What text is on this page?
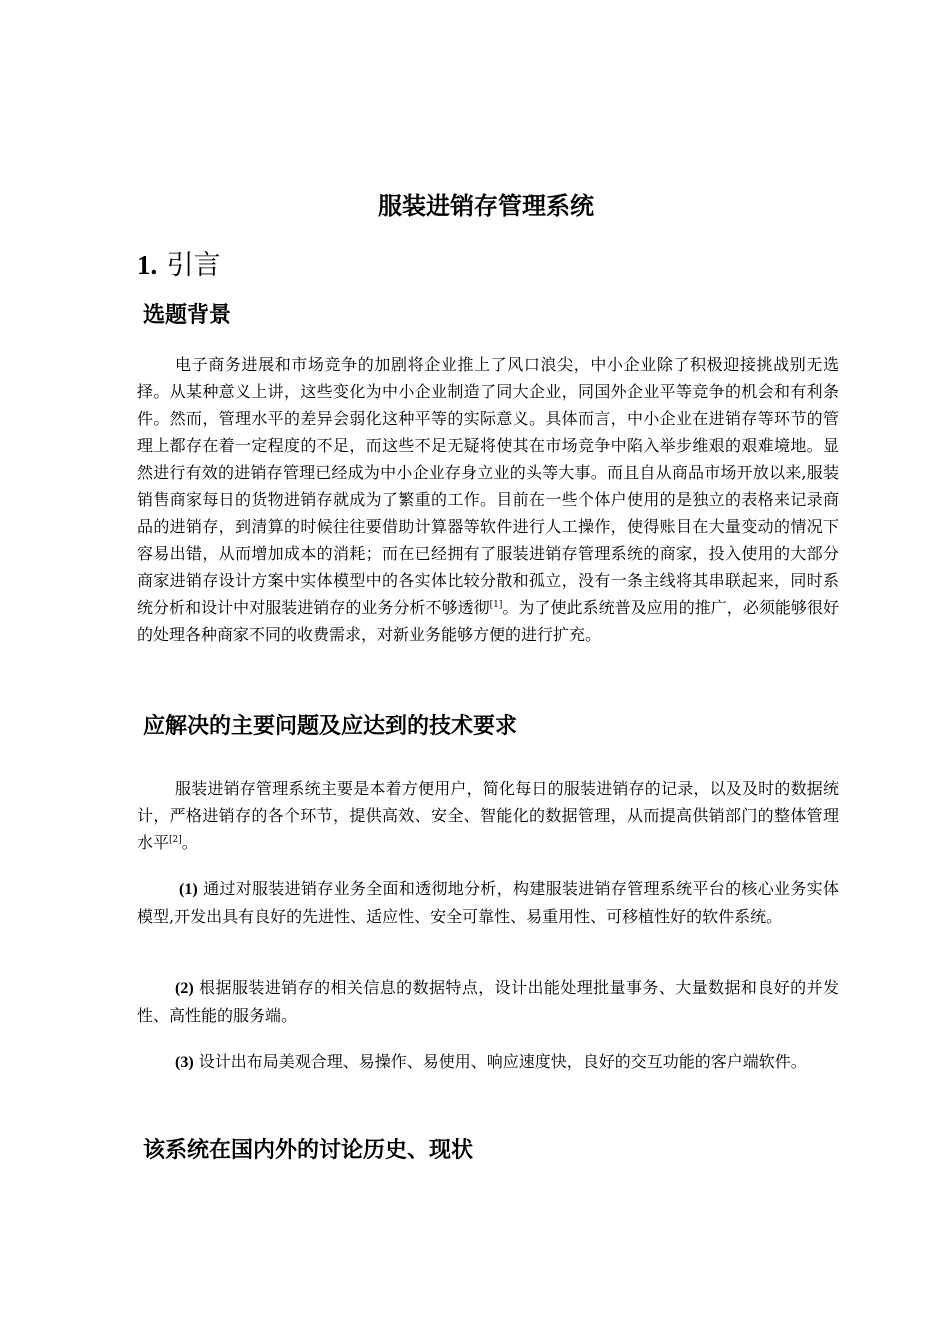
服装进销存管理系统
1. 引言
选题背景

电子商务进展和市场竞争的加剧将企业推上了风口浪尖，中小企业除了积极迎接挑战别无选择。从某种意义上讲，这些变化为中小企业制造了同大企业，同国外企业平等竞争的机会和有利条件。然而，管理水平的差异会弱化这种平等的实际意义。具体而言，中小企业在进销存等环节的管理上都存在着一定程度的不足，而这些不足无疑将使其在市场竞争中陷入举步维艰的艰难境地。显然进行有效的进销存管理已经成为中小企业存身立业的头等大事。而且自从商品市场开放以来,服装销售商家每日的货物进销存就成为了繁重的工作。目前在一些个体户使用的是独立的表格来记录商品的进销存，到清算的时候往往要借助计算器等软件进行人工操作，使得账目在大量变动的情况下容易出错，从而增加成本的消耗；而在已经拥有了服装进销存管理系统的商家，投入使用的大部分商家进销存设计方案中实体模型中的各实体比较分散和孤立，没有一条主线将其串联起来，同时系统分析和设计中对服装进销存的业务分析不够透彻[1]。为了使此系统普及应用的推广，必须能够很好的处理各种商家不同的收费需求，对新业务能够方便的进行扩充。

应解决的主要问题及应达到的技术要求

服装进销存管理系统主要是本着方便用户，简化每日的服装进销存的记录，以及及时的数据统计，严格进销存的各个环节，提供高效、安全、智能化的数据管理，从而提高供销部门的整体管理水平[2]。

(1) 通过对服装进销存业务全面和透彻地分析，构建服装进销存管理系统平台的核心业务实体模型,开发出具有良好的先进性、适应性、安全可靠性、易重用性、可移植性好的软件系统。

(2) 根据服装进销存的相关信息的数据特点，设计出能处理批量事务、大量数据和良好的并发性、高性能的服务端。

(3) 设计出布局美观合理、易操作、易使用、响应速度快，良好的交互功能的客户端软件。

该系统在国内外的讨论历史、现状
